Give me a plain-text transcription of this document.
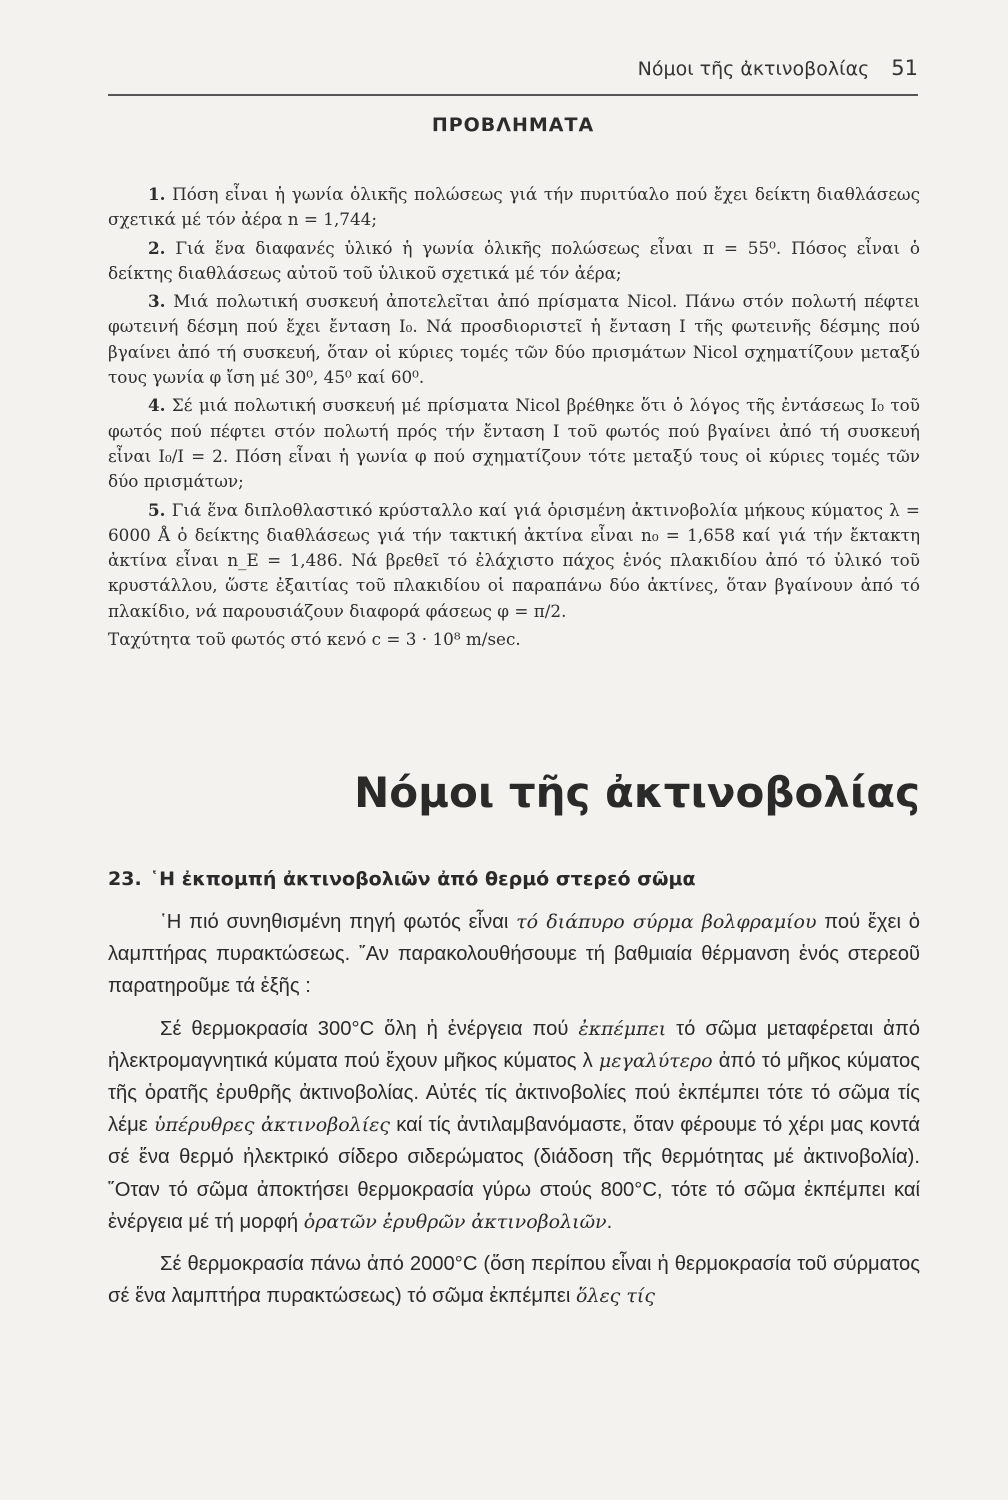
Νόμοι τῆς ἀκτινοβολίας 51
ΠΡΟΒΛΗΜΑΤΑ

1. Πόση εἶναι ἡ γωνία ὁλικῆς πολώσεως γιά τήν πυριτύαλο πού ἔχει δείκτη διαθλάσεως σχετικά μέ τόν ἀέρα n = 1,744;

2. Γιά ἕνα διαφανές ὑλικό ἡ γωνία ὁλικῆς πολώσεως εἶναι π = 55⁰. Πόσος εἶναι ὁ δείκτης διαθλάσεως αὐτοῦ τοῦ ὑλικοῦ σχετικά μέ τόν ἀέρα;

3. Μιά πολωτική συσκευή ἀποτελεῖται ἀπό πρίσματα Nicol. Πάνω στόν πολωτή πέφτει φωτεινή δέσμη πού ἔχει ἔνταση I₀. Νά προσδιοριστεῖ ἡ ἔνταση I τῆς φωτεινῆς δέσμης πού βγαίνει ἀπό τή συσκευή, ὅταν οἱ κύριες τομές τῶν δύο πρισμάτων Nicol σχηματίζουν μεταξύ τους γωνία φ ἴση μέ 30⁰, 45⁰ καί 60⁰.

4. Σέ μιά πολωτική συσκευή μέ πρίσματα Nicol βρέθηκε ὅτι ὁ λόγος τῆς ἐντάσεως I₀ τοῦ φωτός πού πέφτει στόν πολωτή πρός τήν ἔνταση I τοῦ φωτός πού βγαίνει ἀπό τή συσκευή εἶναι I₀/I = 2. Πόση εἶναι ἡ γωνία φ πού σχηματίζουν τότε μεταξύ τους οἱ κύριες τομές τῶν δύο πρισμάτων;

5. Γιά ἕνα διπλοθλαστικό κρύσταλλο καί γιά ὁρισμένη ἀκτινοβολία μήκους κύματος λ = 6000 Å ὁ δείκτης διαθλάσεως γιά τήν τακτική ἀκτίνα εἶναι n₀ = 1,658 καί γιά τήν ἔκτακτη ἀκτίνα εἶναι n_E = 1,486. Νά βρεθεῖ τό ἐλάχιστο πάχος ἑνός πλακιδίου ἀπό τό ὑλικό τοῦ κρυστάλλου, ὥστε ἐξαιτίας τοῦ πλακιδίου οἱ παραπάνω δύο ἀκτίνες, ὅταν βγαίνουν ἀπό τό πλακίδιο, νά παρουσιάζουν διαφορά φάσεως φ = π/2.

Ταχύτητα τοῦ φωτός στό κενό c = 3 · 10⁸ m/sec.

Νόμοι τῆς ἀκτινοβολίας
23. ῾Η ἐκπομπή ἀκτινοβολιῶν ἀπό θερμό στερεό σῶμα

῾Η πιό συνηθισμένη πηγή φωτός εἶναι τό διάπυρο σύρμα βολφραμίου πού ἔχει ὁ λαμπτήρας πυρακτώσεως. ῎Αν παρακολουθήσουμε τή βαθμιαία θέρμανση ἑνός στερεοῦ παρατηροῦμε τά ἑξῆς :

Σέ θερμοκρασία 300°C ὅλη ἡ ἐνέργεια πού ἐκπέμπει τό σῶμα μεταφέρεται ἀπό ἠλεκτρομαγνητικά κύματα πού ἔχουν μῆκος κύματος λ μεγαλύτερο ἀπό τό μῆκος κύματος τῆς ὁρατῆς ἐρυθρῆς ἀκτινοβολίας. Αὐτές τίς ἀκτινοβολίες πού ἐκπέμπει τότε τό σῶμα τίς λέμε ὑπέρυθρες ἀκτινοβολίες καί τίς ἀντιλαμβανόμαστε, ὅταν φέρουμε τό χέρι μας κοντά σέ ἕνα θερμό ἠλεκτρικό σίδερο σιδερώματος (διάδοση τῆς θερμότητας μέ ἀκτινοβολία). ῞Οταν τό σῶμα ἀποκτήσει θερμοκρασία γύρω στούς 800°C, τότε τό σῶμα ἐκπέμπει καί ἐνέργεια μέ τή μορφή ὁρατῶν ἐρυθρῶν ἀκτινοβολιῶν.

Σέ θερμοκρασία πάνω ἀπό 2000°C (ὅση περίπου εἶναι ἡ θερμοκρασία τοῦ σύρματος σέ ἕνα λαμπτήρα πυρακτώσεως) τό σῶμα ἐκπέμπει ὅλες τίς
